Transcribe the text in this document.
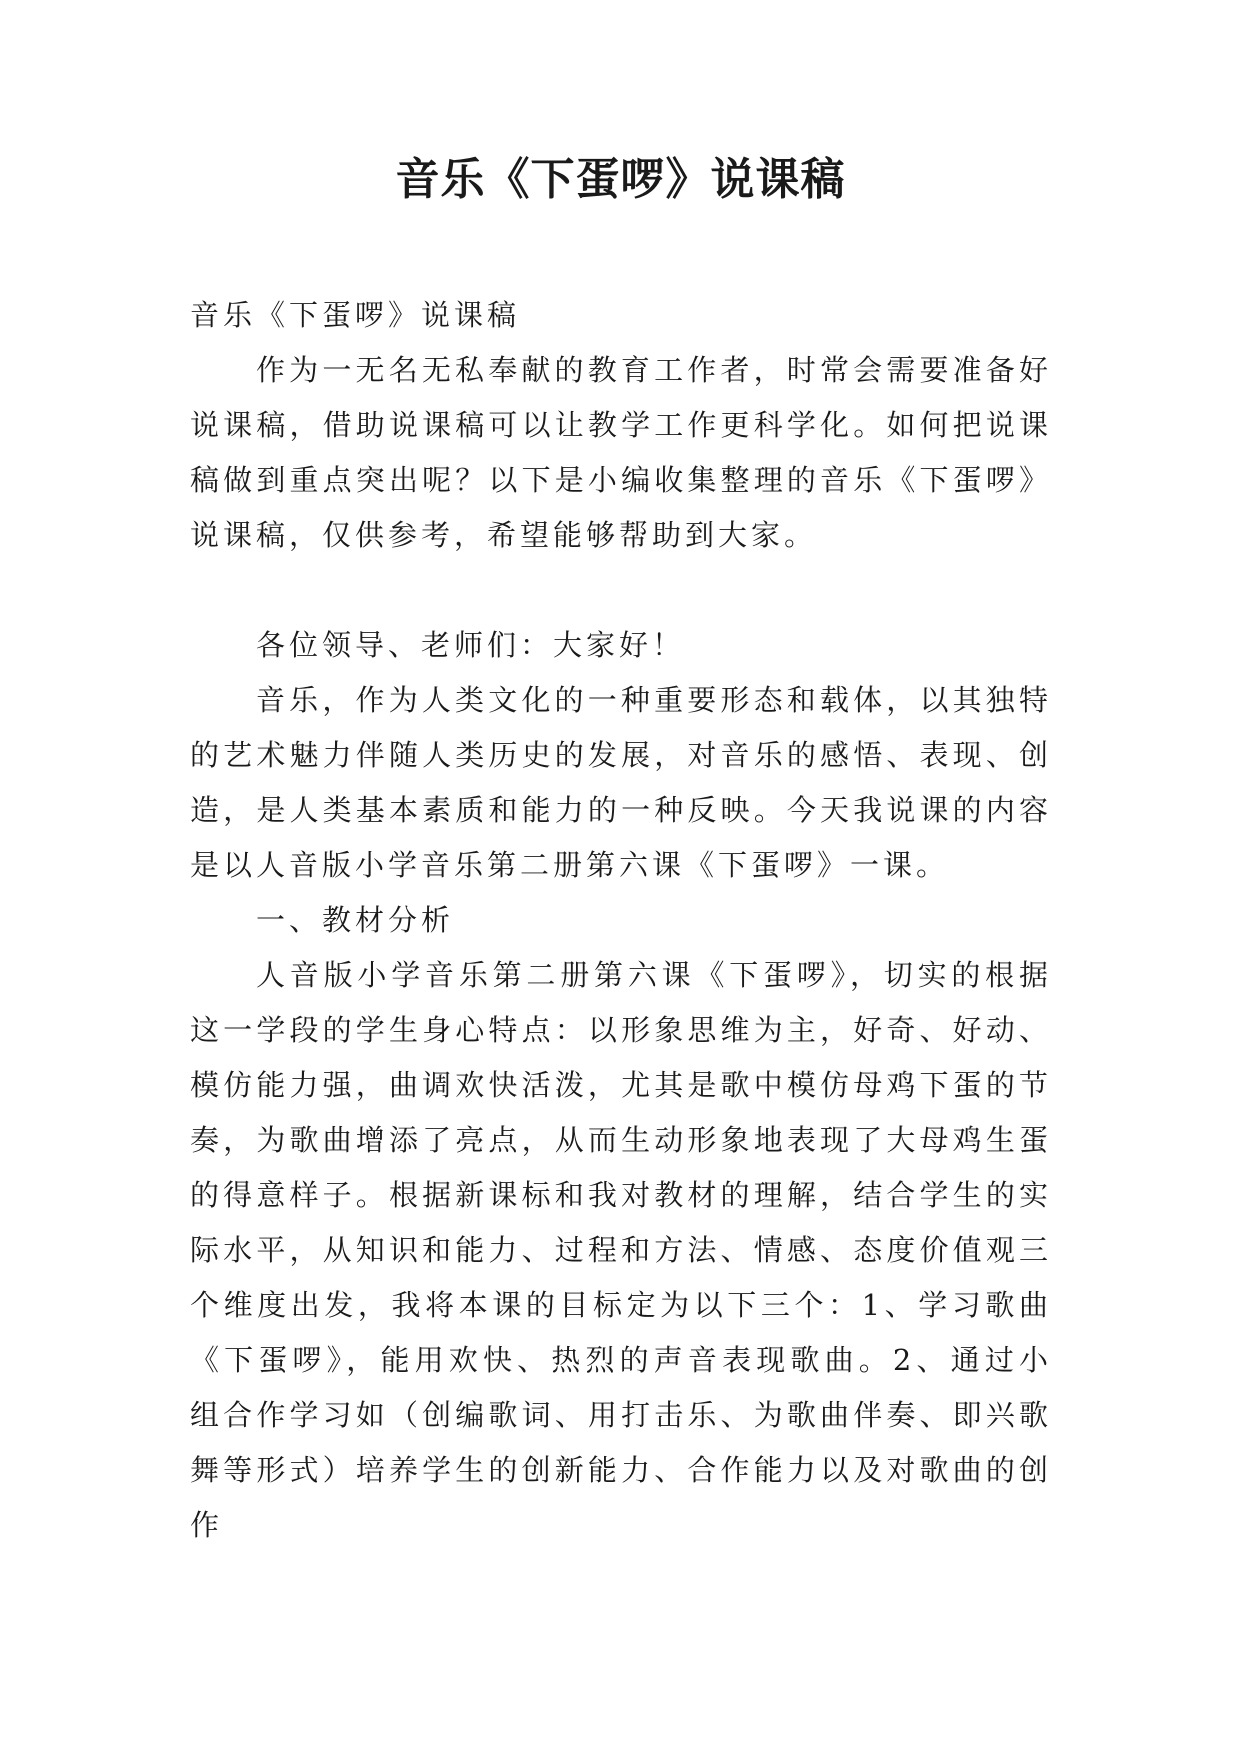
音乐《下蛋啰》说课稿

音乐《下蛋啰》说课稿

作为一无名无私奉献的教育工作者，时常会需要准备好说课稿，借助说课稿可以让教学工作更科学化。如何把说课稿做到重点突出呢？以下是小编收集整理的音乐《下蛋啰》说课稿，仅供参考，希望能够帮助到大家。

各位领导、老师们：大家好！

音乐，作为人类文化的一种重要形态和载体，以其独特的艺术魅力伴随人类历史的发展，对音乐的感悟、表现、创造，是人类基本素质和能力的一种反映。今天我说课的内容是以人音版小学音乐第二册第六课《下蛋啰》一课。

一、教材分析

人音版小学音乐第二册第六课《下蛋啰》，切实的根据这一学段的学生身心特点：以形象思维为主，好奇、好动、模仿能力强，曲调欢快活泼，尤其是歌中模仿母鸡下蛋的节奏，为歌曲增添了亮点，从而生动形象地表现了大母鸡生蛋的得意样子。根据新课标和我对教材的理解，结合学生的实际水平，从知识和能力、过程和方法、情感、态度价值观三个维度出发，我将本课的目标定为以下三个：1、学习歌曲《下蛋啰》，能用欢快、热烈的声音表现歌曲。2、通过小组合作学习如（创编歌词、用打击乐、为歌曲伴奏、即兴歌舞等形式）培养学生的创新能力、合作能力以及对歌曲的创作
